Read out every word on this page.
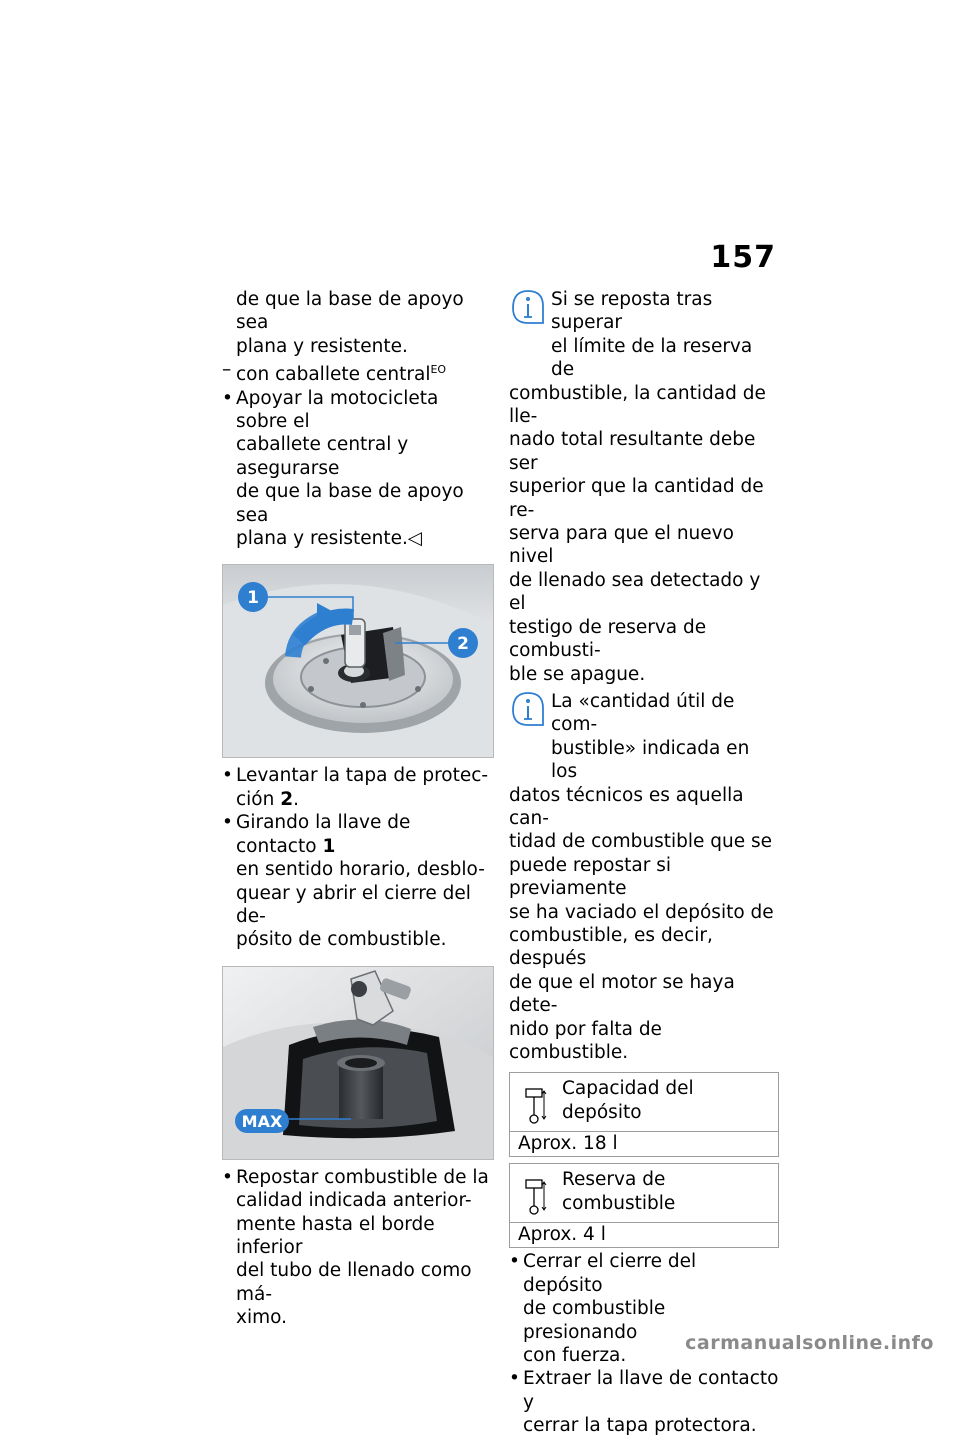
157
de que la base de apoyo sea
plana y resistente.
– con caballete central$^{EO}$
• Apoyar la motocicleta sobre el
caballete central y asegurarse
de que la base de apoyo sea
plana y resistente.◁
1
2
• Levantar la tapa de protec-
ción 2.
• Girando la llave de contacto 1
en sentido horario, desblo-
quear y abrir el cierre del de-
pósito de combustible.
MAX
• Repostar combustible de la
calidad indicada anterior-
mente hasta el borde inferior
del tubo de llenado como má-
ximo.
Si se reposta tras superar
el límite de la reserva de
combustible, la cantidad de lle-
nado total resultante debe ser
superior que la cantidad de re-
serva para que el nuevo nivel
de llenado sea detectado y el
testigo de reserva de combusti-
ble se apague.
La «cantidad útil de com-
bustible» indicada en los
datos técnicos es aquella can-
tidad de combustible que se
puede repostar si previamente
se ha vaciado el depósito de
combustible, es decir, después
de que el motor se haya dete-
nido por falta de combustible.
Capacidad del depósito
Aprox. 18 l
Reserva de combustible
Aprox. 4 l
• Cerrar el cierre del depósito
de combustible presionando
con fuerza.
• Extraer la llave de contacto y
cerrar la tapa protectora.
carmanualsonline.info
